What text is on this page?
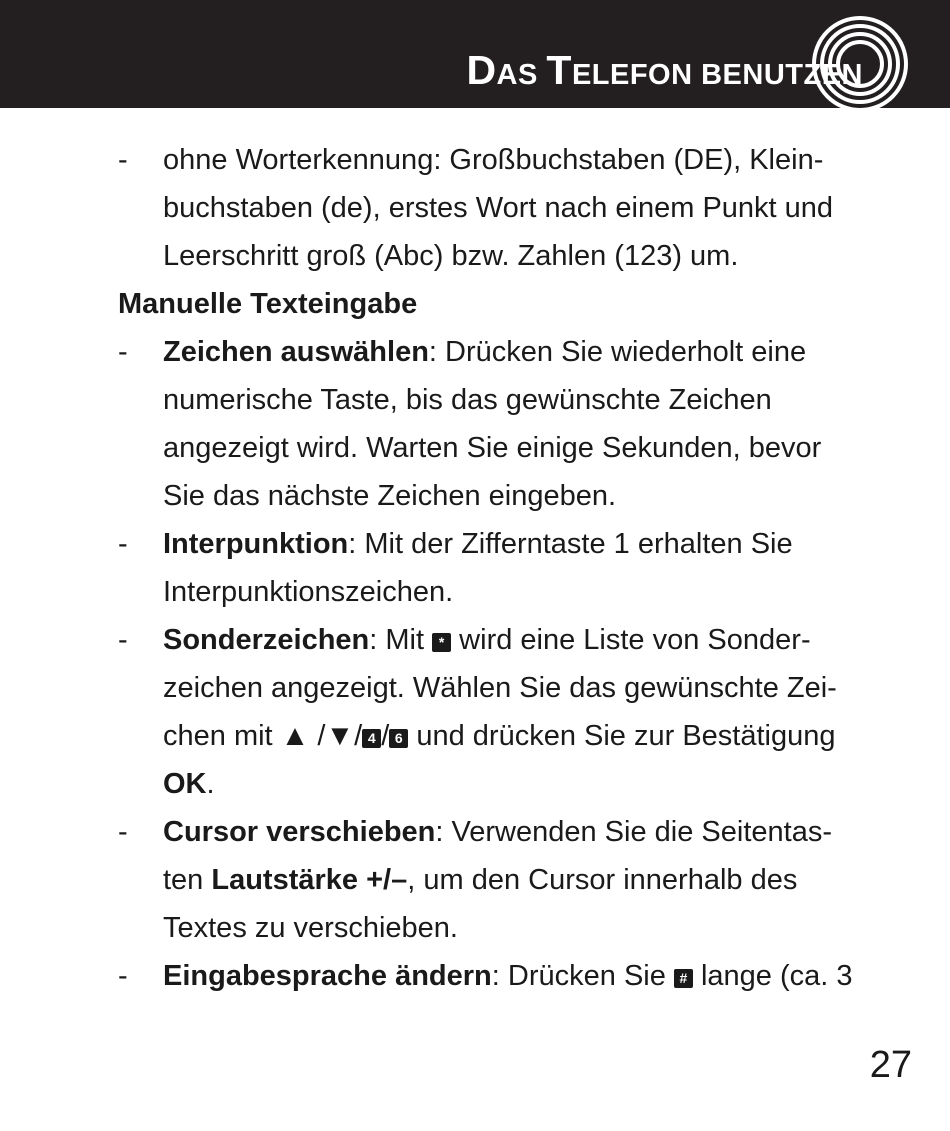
DAS TELEFON BENUTZEN
- ohne Worterkennung: Großbuchstaben (DE), Klein-
buchstaben (de), erstes Wort nach einem Punkt und
Leerschritt groß (Abc) bzw. Zahlen (123) um.
Manuelle Texteingabe
- Zeichen auswählen: Drücken Sie wiederholt eine
numerische Taste, bis das gewünschte Zeichen
angezeigt wird. Warten Sie einige Sekunden, bevor
Sie das nächste Zeichen eingeben.
- Interpunktion: Mit der Zifferntaste 1 erhalten Sie
Interpunktionszeichen.
- Sonderzeichen: Mit * wird eine Liste von Sonder-
zeichen angezeigt. Wählen Sie das gewünschte Zei-
chen mit ▲ /▼/ 4 / 6 und drücken Sie zur Bestätigung
OK.
- Cursor verschieben: Verwenden Sie die Seitentas-
ten Lautstärke +/–, um den Cursor innerhalb des
Textes zu verschieben.
- Eingabesprache ändern: Drücken Sie # lange (ca. 3
27
